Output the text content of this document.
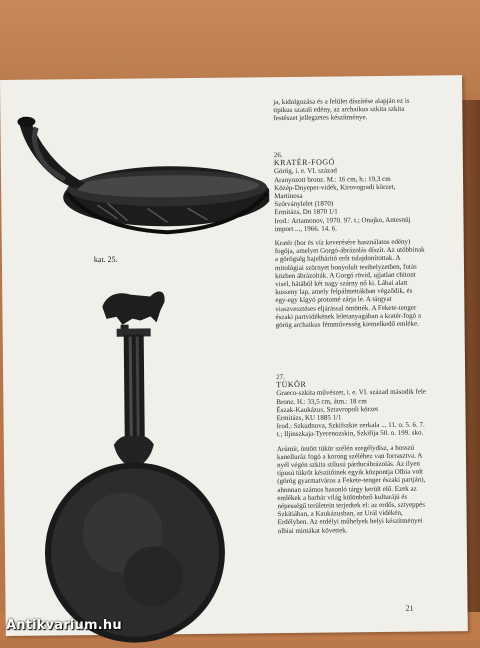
kat. 25.
kat. 27.

ja, kidolgozása és a felület díszítése alapján ez is tipikus szatali edény, az archaikus szkita szkita festészet jellegzetes készítménye.

26.
KRATÉR-FOGÓ
Görög, i. e. VI. század
Aranyozott bronz. M.: 16 cm, h.: 19,3 cm
Közép-Dnyeper-vidék, Kirovogradi körzet, Martinosa
Szórványlelet (1870)
Ermitázs, Dn 1870 1/1
Irod.: Artamonov, 1970. 97. t.; Onajko, Antesnüj import ..., 1966. 14. 6.

Kratér (bor és víz keverésére használatos edény) fogója, amelyet Gorgó-ábrázolás díszít. Az utóbbinak a görögség hajelhárító erőt tulajdonítottak. A mitológiai szörnyet bonyolult testhelyzetben, futás közben ábrázolták. A Gorgó rövid, ujjatlan chitont visel, hátából két nagy szárny nő ki. Lábai alatt kusseny lap, amely felpálmettákban végződik, és egy-egy kígyó protomé zárja le. A tárgyat viaszvesztéses eljárással öntötték. A Fekete-tenger északi partvidékének leletanyagában a kratér-fogó a görög archaikus fémművesség kiemelkedő emléke.

27.
TÜKÖR
Graeco-szkita művészet, i. e. VI. század második fele
Bronz. H.: 33,5 cm, átm.: 18 cm
Észak-Kaukázus, Sztavropoli körzet
Ermitázs, KU 1885 1/1
Irod.: Szkudnova, Szkifszkie zerkala ... 11. o. 5. 6. 7. t.; Iljinszkaja-Tyerenozskin, Szkifija 50. o. 199. sko.

Arúmír, öntött tükör szélén szegélydísz, a hosszú kanelluráz fogó a korong széléhez van forrasztva. A nyél végén szkita stílusú párducábrázolás. Az ilyen típusú tükröt készítőinek egyik központja Olbia volt (görög gyarmatváros a Fekete-tenger északi partján), ahonnan számos hasonló tárgy került elő. Ezek az emlékek a barbár világ különböző kulturájú és népességű területein terjedtek el: az erdős, sztyeppés Szkítiában, a Kaukázusban, az Urál vidékén, Erdélyben. Az erdélyi műhelyek helyi készítményei olbiai mintákat követtek.

21
Antikvarium.hu
